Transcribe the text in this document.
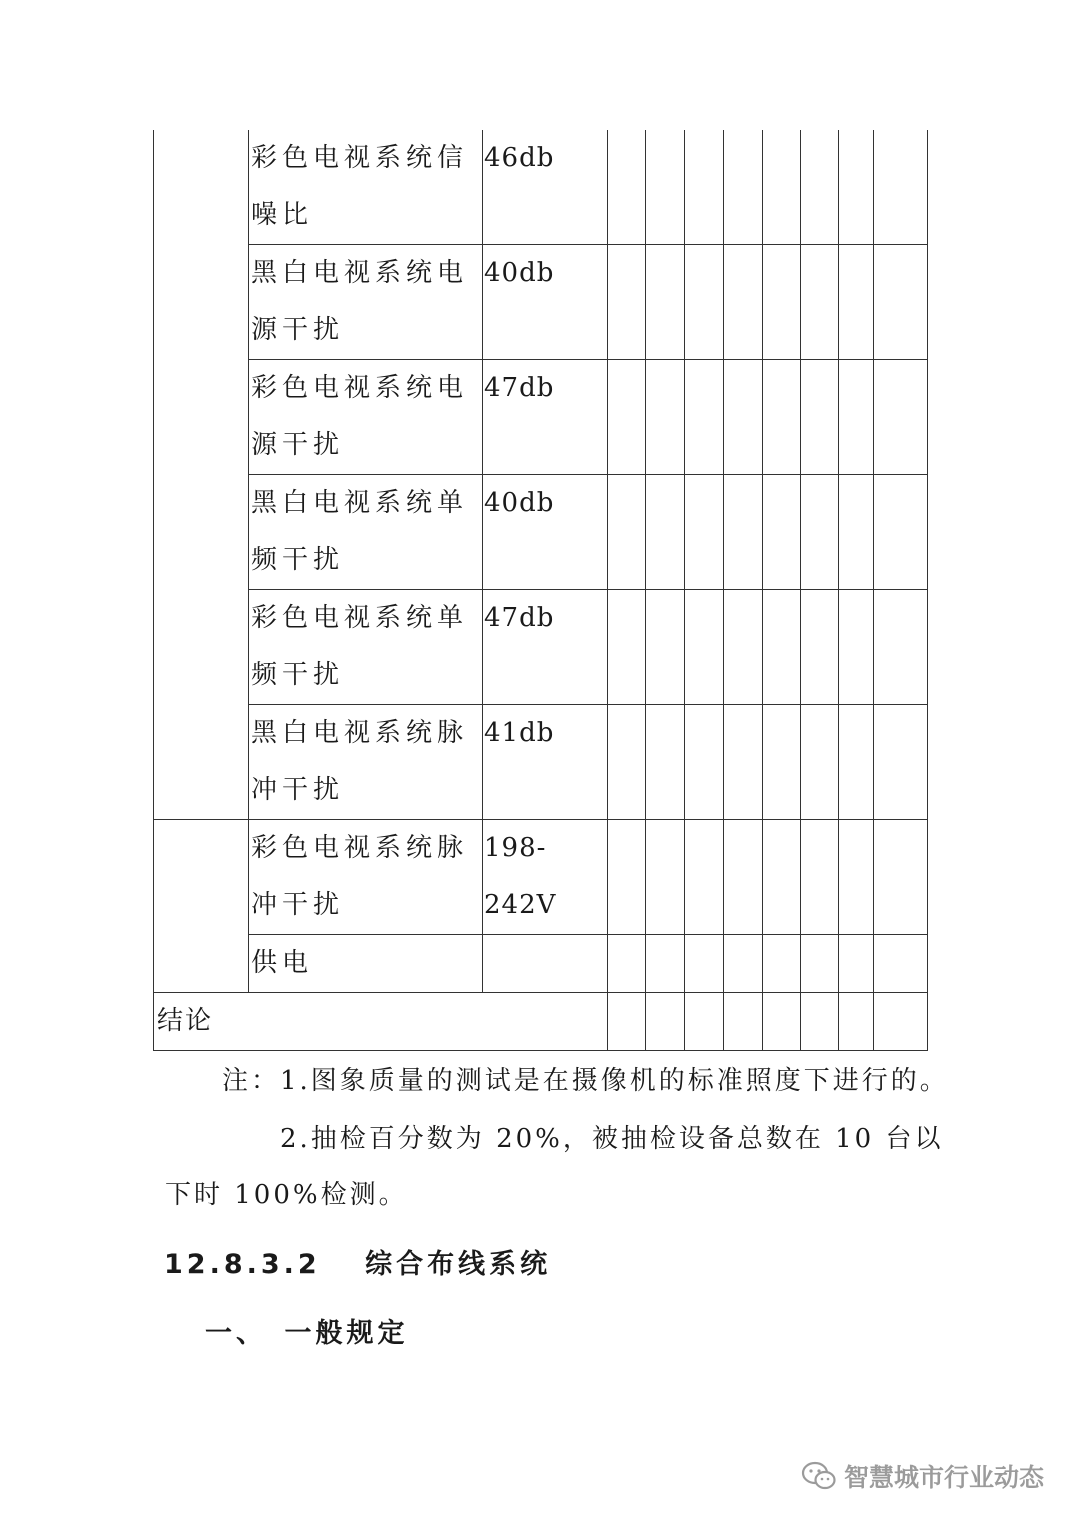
	彩色电视系统信噪比	46db								
	黑白电视系统电源干扰	40db								
	彩色电视系统电源干扰	47db								
	黑白电视系统单频干扰	40db								
	彩色电视系统单频干扰	47db								
	黑白电视系统脉冲干扰	41db								
	彩色电视系统脉冲干扰	198-242V								
	供电									
结论										
注：1.图象质量的测试是在摄像机的标准照度下进行的。
2.抽检百分数为 20%，被抽检设备总数在 10 台以
下时 100%检测。
12.8.3.2　 综合布线系统
一、　一般规定
智慧城市行业动态
